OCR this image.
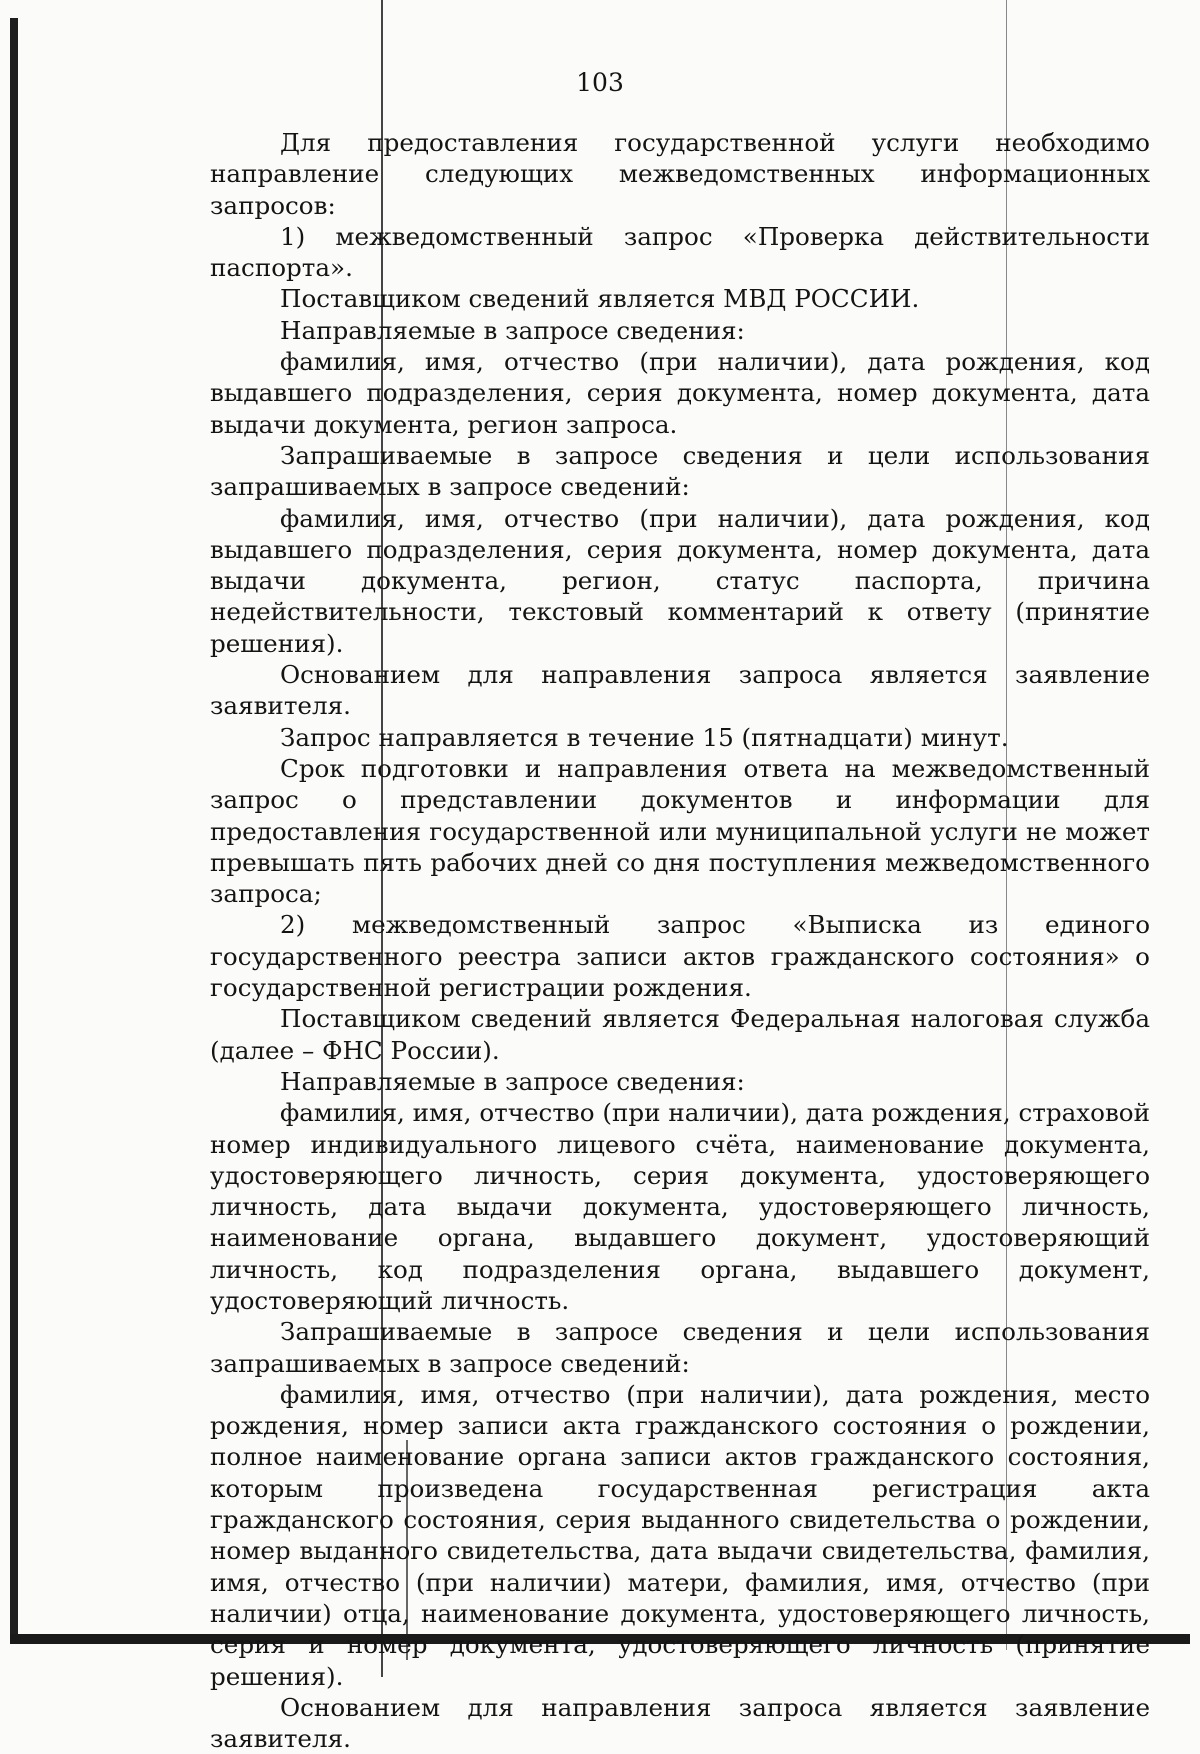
103

Для предоставления государственной услуги необходимо направление следующих межведомственных информационных запросов:

1) межведомственный запрос «Проверка действительности паспорта».

Поставщиком сведений является МВД РОССИИ.

Направляемые в запросе сведения:

фамилия, имя, отчество (при наличии), дата рождения, код выдавшего подразделения, серия документа, номер документа, дата выдачи документа, регион запроса.

Запрашиваемые в запросе сведения и цели использования запрашиваемых в запросе сведений:

фамилия, имя, отчество (при наличии), дата рождения, код выдавшего подразделения, серия документа, номер документа, дата выдачи документа, регион, статус паспорта, причина недействительности, текстовый комментарий к ответу (принятие решения).

Основанием для направления запроса является заявление заявителя.

Запрос направляется в течение 15 (пятнадцати) минут.

Срок подготовки и направления ответа на межведомственный запрос о представлении документов и информации для предоставления государственной или муниципальной услуги не может превышать пять рабочих дней со дня поступления межведомственного запроса;

2) межведомственный запрос «Выписка из единого государственного реестра записи актов гражданского состояния» о государственной регистрации рождения.

Поставщиком сведений является Федеральная налоговая служба (далее – ФНС России).

Направляемые в запросе сведения:

фамилия, имя, отчество (при наличии), дата рождения, страховой номер индивидуального лицевого счёта, наименование документа, удостоверяющего личность, серия документа, удостоверяющего личность, дата выдачи документа, удостоверяющего личность, наименование органа, выдавшего документ, удостоверяющий личность, код подразделения органа, выдавшего документ, удостоверяющий личность.

Запрашиваемые в запросе сведения и цели использования запрашиваемых в запросе сведений:

фамилия, имя, отчество (при наличии), дата рождения, место рождения, номер записи акта гражданского состояния о рождении, полное наименование органа записи актов гражданского состояния, которым произведена государственная регистрация акта гражданского состояния, серия выданного свидетельства о рождении, номер выданного свидетельства, дата выдачи свидетельства, фамилия, имя, отчество (при наличии) матери, фамилия, имя, отчество (при наличии) отца, наименование документа, удостоверяющего личность, серия и номер документа, удостоверяющего личность (принятие решения).

Основанием для направления запроса является заявление заявителя.
